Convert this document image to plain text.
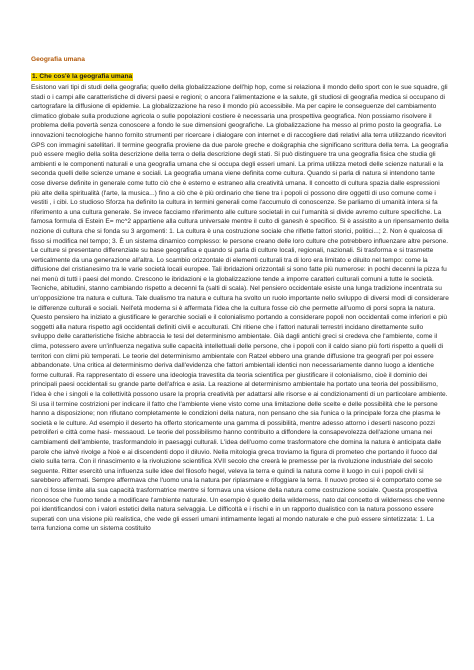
Geografia umana
1. Che cos'è la geografia umana

Esistono vari tipi di studi della geografia; quello della globalizzazione dell'hip hop, come si relaziona il mondo dello sport con le sue squadre, gli stadi o i campi alle caratteristiche di diversi paesi e regioni; o ancora l'alimentazione e la salute, gli studiosi di geografia medica si occupano di cartografare la diffusione di epidemie. La globalizzazione ha reso il mondo più accessibile. Ma per capire le conseguenze del cambiamento climatico globale sulla produzione agricola o sulle popolazioni costiere è necessaria una prospettiva geografica. Non possiamo risolvere il problema della povertà senza conoscere a fondo le sue dimensioni geografiche. La globalizzazione ha messo al primo posto la geografia. Le innovazioni tecnologiche hanno fornito strumenti per ricercare i dialogare con internet e di raccogliere dati relativi alla terra utilizzando ricevitori GPS con immagini satellitari. Il termine geografia proviene da due parole greche e do&graphia che significano scrittura della terra. La geografia può essere meglio della solita descrizione della terra o della descrizione degli stati. Si può distinguere tra una geografia fisica che studia gli ambienti e le componenti naturali e una geografia umana che si occupa degli esseri umani. La prima utilizza metodi delle scienze naturali e la seconda quelli delle scienze umane e sociali. La geografia umana viene definita come cultura. Quando si parla di natura si intendono tante cose diverse definite in generale come tutto ciò che è esterno e estraneo alla creatività umana. Il concetto di cultura spazia dalle espressioni più alte della spiritualità (l'arte, la musica...) fino a ciò che è più ordinario che tiene tra i popoli ci possono dire oggetti di uso comune come i vestiti , i cibi. Lo studioso Sforza ha definito la cultura in termini generali come l'accumulo di conoscenze. Se parliamo di umanità intera si fa riferimento a una cultura generale. Se invece facciamo riferimento alle culture societali in cui l'umanità si divide avremo culture specifiche. La famosa formula di Estein E= mc^2 appartiene alla cultura universale mentre il culto di ganesh è specifico. Si è assistito a un ripensamento della nozione di cultura che si fonda su 3 argomenti: 1. La cultura è una costruzione sociale che riflette fattori storici, politici...; 2. Non è qualcosa di fisso si modifica nel tempo; 3. È un sistema dinamico complesso: le persone creano delle loro culture che potrebbero influenzare altre persone. Le culture si presentano differenziate su base geografica e quando si parla di culture locali, regionali, nazionali. Si trasforma e si trasmette verticalmente da una generazione all'altra. Lo scambio orizzontale di elementi culturali tra di loro era limitato e diluito nel tempo: come la diffusione del cristianesimo tra le varie società locali europee. Tali ibridazioni orizzontali si sono fatte più numerose: in pochi decenni la pizza fu nei menù di tutti i paesi del mondo. Crescono le ibridazioni e la globalizzazione tende a imporre caratteri culturali comuni a tutte le società. Tecniche, abitudini, stanno cambiando rispetto a decenni fa (salti di scala). Nel pensiero occidentale esiste una lunga tradizione incentrata su un'opposizione tra natura e cultura. Tale dualismo tra natura e cultura ha svolto un ruolo importante nello sviluppo di diversi modi di considerare le differenze culturali e sociali. Nell'età moderna si è affermata l'idea che la cultura fosse ciò che permette all'uomo di porsi sopra la natura. Questo pensiero ha iniziato a giustificare le gerarchie sociali e il colonialismo portando a considerare popoli non occidentali come inferiori e più soggetti alla natura rispetto agli occidentali definiti civili e acculturati. Chi ritiene che i fattori naturali terrestri incidano direttamente sullo sviluppo delle caratteristiche fisiche abbraccia le tesi del determinismo ambientale. Già dagli antichi greci si credeva che l'ambiente, come il clima, potessero avere un'influenza negativa sulle capacità intellettuali delle persone, che i popoli con il caldo siano più forti rispetto a quelli di territori con climi più temperati. Le teorie del determinismo ambientale con Ratzel ebbero una grande diffusione tra geografi per poi essere abbandonate. Una critica al determinismo deriva dall'evidenza che fattori ambientali identici non necessariamente danno luogo a identiche forme culturali. Ra rappresentato di essere una ideologia travestita da teoria scientifica per giustificare il colonialismo, cioè il dominio dei principali paesi occidentali su grande parte dell'africa e asia. La reazione al determinismo ambientale ha portato una teoria del possibilismo, l'idea è che i singoli e la collettività possono usare la propria creatività per adattarsi alle risorse e ai condizionamenti di un particolare ambiente. Si usa il termine costrizioni per indicare il fatto che l'ambiente viene visto come una limitazione delle scelte e delle possibilità che le persone hanno a disposizione; non rifiutano completamente le condizioni della natura, non pensano che sia l'unica o la principale forza che plasma le società e le culture. Ad esempio il deserto ha offerto storicamente una gamma di possibilità, mentre adesso attorno i deserti nascono pozzi petroliferi e città come hasi- messaoud. Le teorie del possibilismo hanno contribuito a diffondere la consapevolezza dell'azione umana nei cambiamenti dell'ambiente, trasformandolo in paesaggi culturali. L'idea dell'uomo come trasformatore che domina la natura è anticipata dalle parole che iahvè rivolge a Noè e ai discendenti dopo il diluvio. Nella mitologia greca troviamo la figura di prometeo che portando il fuoco dal cielo sulla terra. Con il rinascimento e la rivoluzione scientifica XVII secolo che creerà le premesse per la rivoluzione industriale del secolo seguente. Ritter esercitò una influenza sulle idee del filosofo hegel, veleva la terra e quindi la natura come il luogo in cui i popoli civili si sarebbero affermati. Sempre affermava che l'uomo una la natura per riplasmare e rifoggiare la terra. Il nuovo proteo si è comportato come se non ci fosse limite alla sua capacità trasformatrice mentre si formava una visione della natura come costruzione sociale. Questa prospettiva riconosce che l'uomo tende a modificare l'ambiente naturale. Un esempio è quello della wilderness, nato dal concetto di wilderness che venne poi identificandosi con i valori estetici della natura selvaggia. Le difficoltà e i rischi e in un rapporto dualistico con la natura possono essere superati con una visione più realistica, che vede gli esseri umani intimamente legati al mondo naturale e che può essere sintetizzata: 1. La terra funziona come un sistema costituito
